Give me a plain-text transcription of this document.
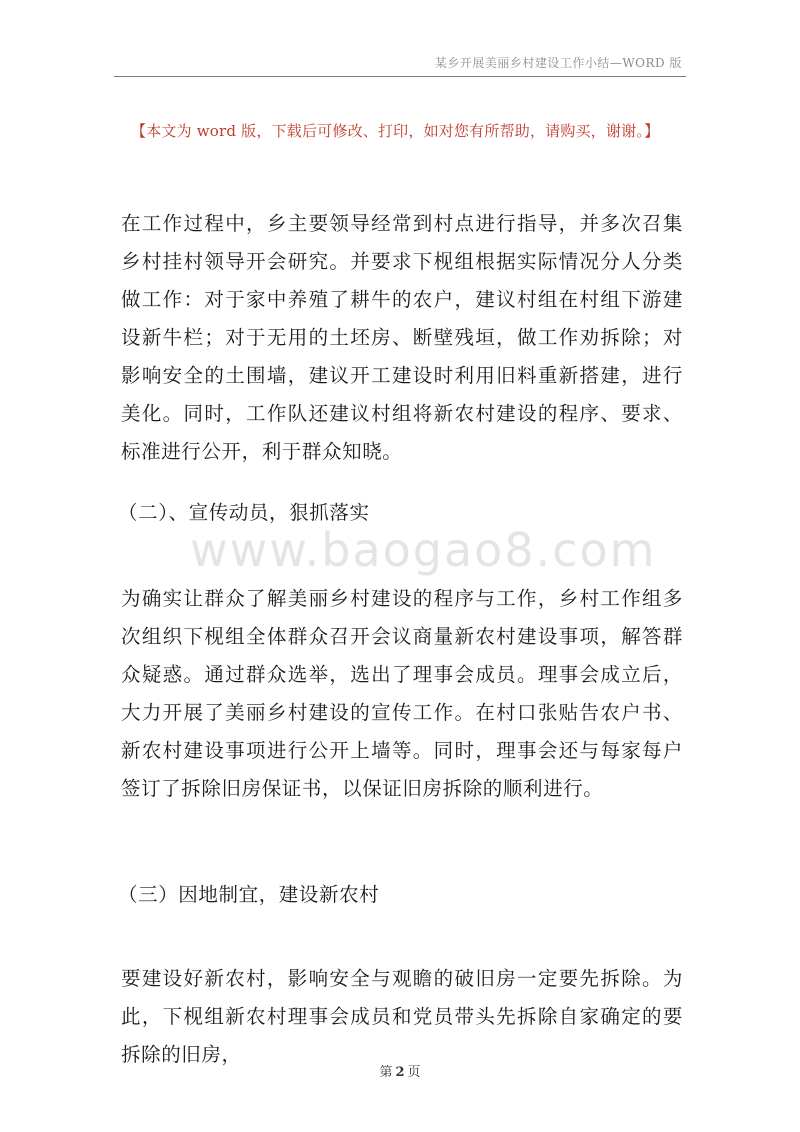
某乡开展美丽乡村建设工作小结—WORD 版
【本文为 word 版，下载后可修改、打印，如对您有所帮助，请购买，谢谢。】
www.baogao8.com

在工作过程中，乡主要领导经常到村点进行指导，并多次召集乡村挂村领导开会研究。并要求下枧组根据实际情况分人分类做工作：对于家中养殖了耕牛的农户，建议村组在村组下游建设新牛栏；对于无用的土坯房、断壁残垣，做工作劝拆除；对影响安全的土围墙，建议开工建设时利用旧料重新搭建，进行美化。同时，工作队还建议村组将新农村建设的程序、要求、标准进行公开，利于群众知晓。

（二）、宣传动员，狠抓落实

为确实让群众了解美丽乡村建设的程序与工作，乡村工作组多次组织下枧组全体群众召开会议商量新农村建设事项，解答群众疑惑。通过群众选举，选出了理事会成员。理事会成立后，大力开展了美丽乡村建设的宣传工作。在村口张贴告农户书、新农村建设事项进行公开上墙等。同时，理事会还与每家每户签订了拆除旧房保证书，以保证旧房拆除的顺利进行。

（三）因地制宜，建设新农村

要建设好新农村，影响安全与观瞻的破旧房一定要先拆除。为此，下枧组新农村理事会成员和党员带头先拆除自家确定的要拆除的旧房，

第 2 页
